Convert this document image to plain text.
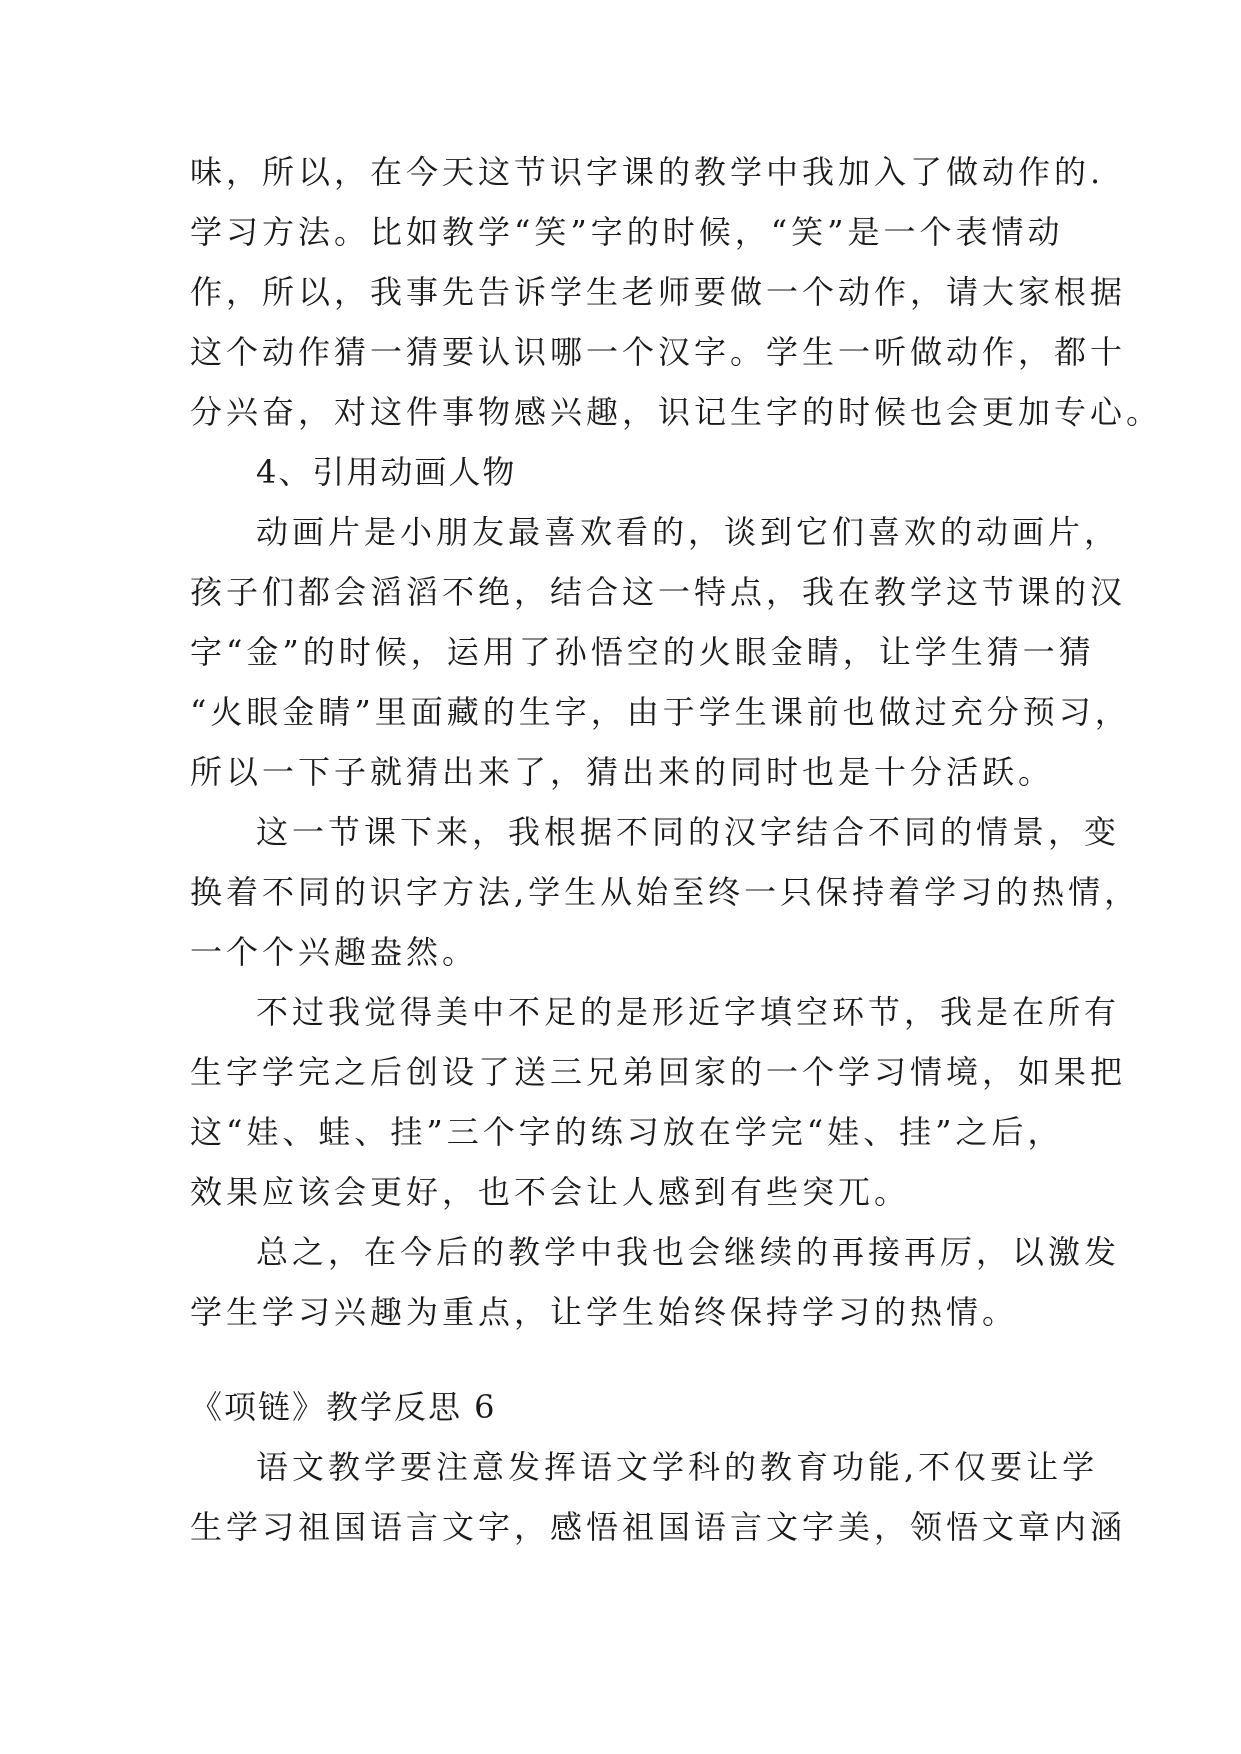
味，所以，在今天这节识字课的教学中我加入了做动作的.
学习方法。比如教学“笑”字的时候，“笑”是一个表情动
作，所以，我事先告诉学生老师要做一个动作，请大家根据
这个动作猜一猜要认识哪一个汉字。学生一听做动作，都十
分兴奋，对这件事物感兴趣，识记生字的时候也会更加专心。
4、引用动画人物
动画片是小朋友最喜欢看的，谈到它们喜欢的动画片，
孩子们都会滔滔不绝，结合这一特点，我在教学这节课的汉
字“金”的时候，运用了孙悟空的火眼金睛，让学生猜一猜
“火眼金睛”里面藏的生字，由于学生课前也做过充分预习，
所以一下子就猜出来了，猜出来的同时也是十分活跃。
这一节课下来，我根据不同的汉字结合不同的情景，变
换着不同的识字方法,学生从始至终一只保持着学习的热情，
一个个兴趣盎然。
不过我觉得美中不足的是形近字填空环节，我是在所有
生字学完之后创设了送三兄弟回家的一个学习情境，如果把
这“娃、蛙、挂”三个字的练习放在学完“娃、挂”之后，
效果应该会更好，也不会让人感到有些突兀。
总之，在今后的教学中我也会继续的再接再厉，以激发
学生学习兴趣为重点，让学生始终保持学习的热情。
《项链》教学反思 6
语文教学要注意发挥语文学科的教育功能,不仅要让学
生学习祖国语言文字，感悟祖国语言文字美，领悟文章内涵
